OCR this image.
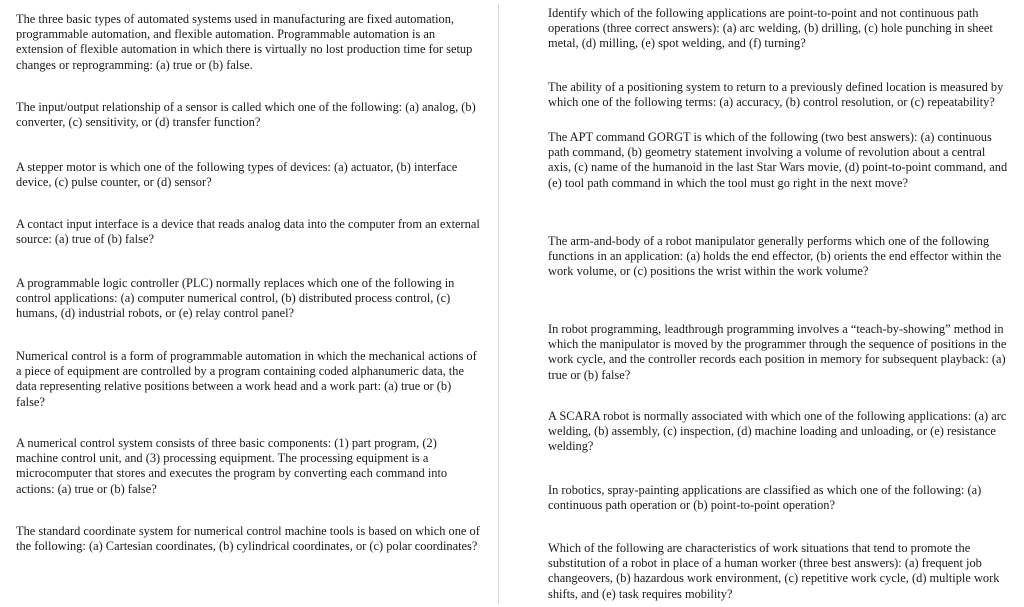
The three basic types of automated systems used in manufacturing are fixed automation, programmable automation, and flexible automation. Programmable automation is an extension of flexible automation in which there is virtually no lost production time for setup changes or reprogramming: (a) true or (b) false.

The input/output relationship of a sensor is called which one of the following: (a) analog, (b) converter, (c) sensitivity, or (d) transfer function?

A stepper motor is which one of the following types of devices: (a) actuator, (b) interface device, (c) pulse counter, or (d) sensor?

A contact input interface is a device that reads analog data into the computer from an external source: (a) true of (b) false?

A programmable logic controller (PLC) normally replaces which one of the following in control applications: (a) computer numerical control, (b) distributed process control, (c) humans, (d) industrial robots, or (e) relay control panel?

Numerical control is a form of programmable automation in which the mechanical actions of a piece of equipment are controlled by a program containing coded alphanumeric data, the data representing relative positions between a work head and a work part: (a) true or (b) false?

A numerical control system consists of three basic components: (1) part program, (2) machine control unit, and (3) processing equipment. The processing equipment is a microcomputer that stores and executes the program by converting each command into actions: (a) true or (b) false?

The standard coordinate system for numerical control machine tools is based on which one of the following: (a) Cartesian coordinates, (b) cylindrical coordinates, or (c) polar coordinates?

Identify which of the following applications are point-to-point and not continuous path operations (three correct answers): (a) arc welding, (b) drilling, (c) hole punching in sheet metal, (d) milling, (e) spot welding, and (f) turning?

The ability of a positioning system to return to a previously defined location is measured by which one of the following terms: (a) accuracy, (b) control resolution, or (c) repeatability?

The APT command GORGT is which of the following (two best answers): (a) continuous path command, (b) geometry statement involving a volume of revolution about a central axis, (c) name of the humanoid in the last Star Wars movie, (d) point-to-point command, and (e) tool path command in which the tool must go right in the next move?

The arm-and-body of a robot manipulator generally performs which one of the following functions in an application: (a) holds the end effector, (b) orients the end effector within the work volume, or (c) positions the wrist within the work volume?

In robot programming, leadthrough programming involves a “teach-by-showing” method in which the manipulator is moved by the programmer through the sequence of positions in the work cycle, and the controller records each position in memory for subsequent playback: (a) true or (b) false?

A SCARA robot is normally associated with which one of the following applications: (a) arc welding, (b) assembly, (c) inspection, (d) machine loading and unloading, or (e) resistance welding?

In robotics, spray-painting applications are classified as which one of the following: (a) continuous path operation or (b) point-to-point operation?

Which of the following are characteristics of work situations that tend to promote the substitution of a robot in place of a human worker (three best answers): (a) frequent job changeovers, (b) hazardous work environment, (c) repetitive work cycle, (d) multiple work shifts, and (e) task requires mobility?
